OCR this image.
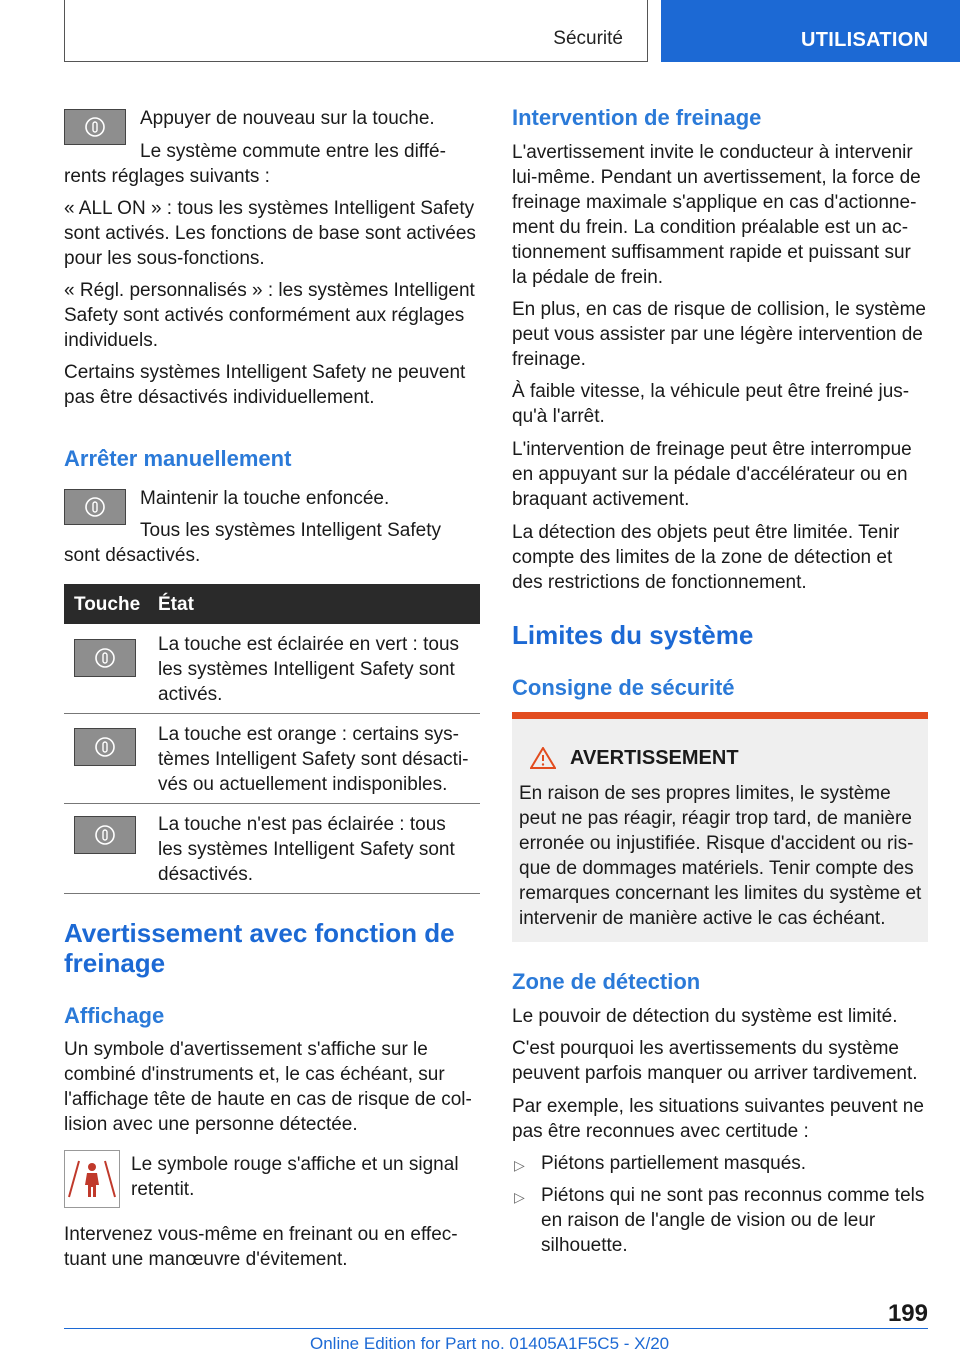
Sécurité	UTILISATION

Appuyer de nouveau sur la touche.

Le système commute entre les diffé-

rents réglages suivants :

« ALL ON » : tous les systèmes Intelligent Safety sont activés. Les fonctions de base sont activées pour les sous-fonctions.

« Régl. personnalisés » : les systèmes Intelligent Safety sont activés conformément aux réglages individuels.

Certains systèmes Intelligent Safety ne peuvent pas être désactivés individuellement.

Arrêter manuellement

Maintenir la touche enfoncée.

Tous les systèmes Intelligent Safety

sont désactivés.

Touche État

La touche est éclairée en vert : tous les systèmes Intelligent Safety sont activés.

La touche est orange : certains systèmes Intelligent Safety sont désactivés ou actuellement indisponibles.

La touche n'est pas éclairée : tous les systèmes Intelligent Safety sont désactivés.

Avertissement avec fonction de freinage
Affichage

Un symbole d'avertissement s'affiche sur le combiné d'instruments et, le cas échéant, sur l'affichage tête de haute en cas de risque de collision avec une personne détectée.

Le symbole rouge s'affiche et un signal retentit.

Intervenez vous-même en freinant ou en effectuant une manœuvre d'évitement.

Intervention de freinage

L'avertissement invite le conducteur à intervenir lui-même. Pendant un avertissement, la force de freinage maximale s'applique en cas d'actionnement du frein. La condition préalable est un actionnement suffisamment rapide et puissant sur la pédale de frein.

En plus, en cas de risque de collision, le système peut vous assister par une légère intervention de freinage.

À faible vitesse, la véhicule peut être freiné jusqu'à l'arrêt.

L'intervention de freinage peut être interrompue en appuyant sur la pédale d'accélérateur ou en braquant activement.

La détection des objets peut être limitée. Tenir compte des limites de la zone de détection et des restrictions de fonctionnement.

Limites du système
Consigne de sécurité
AVERTISSEMENT

En raison de ses propres limites, le système peut ne pas réagir, réagir trop tard, de manière erronée ou injustifiée. Risque d'accident ou risque de dommages matériels. Tenir compte des remarques concernant les limites du système et intervenir de manière active le cas échéant.

Zone de détection

Le pouvoir de détection du système est limité.

C'est pourquoi les avertissements du système peuvent parfois manquer ou arriver tardivement.

Par exemple, les situations suivantes peuvent ne pas être reconnues avec certitude :

▷ Piétons partiellement masqués.

▷ Piétons qui ne sont pas reconnus comme tels en raison de l'angle de vision ou de leur silhouette.

199
Online Edition for Part no. 01405A1F5C5 - X/20
